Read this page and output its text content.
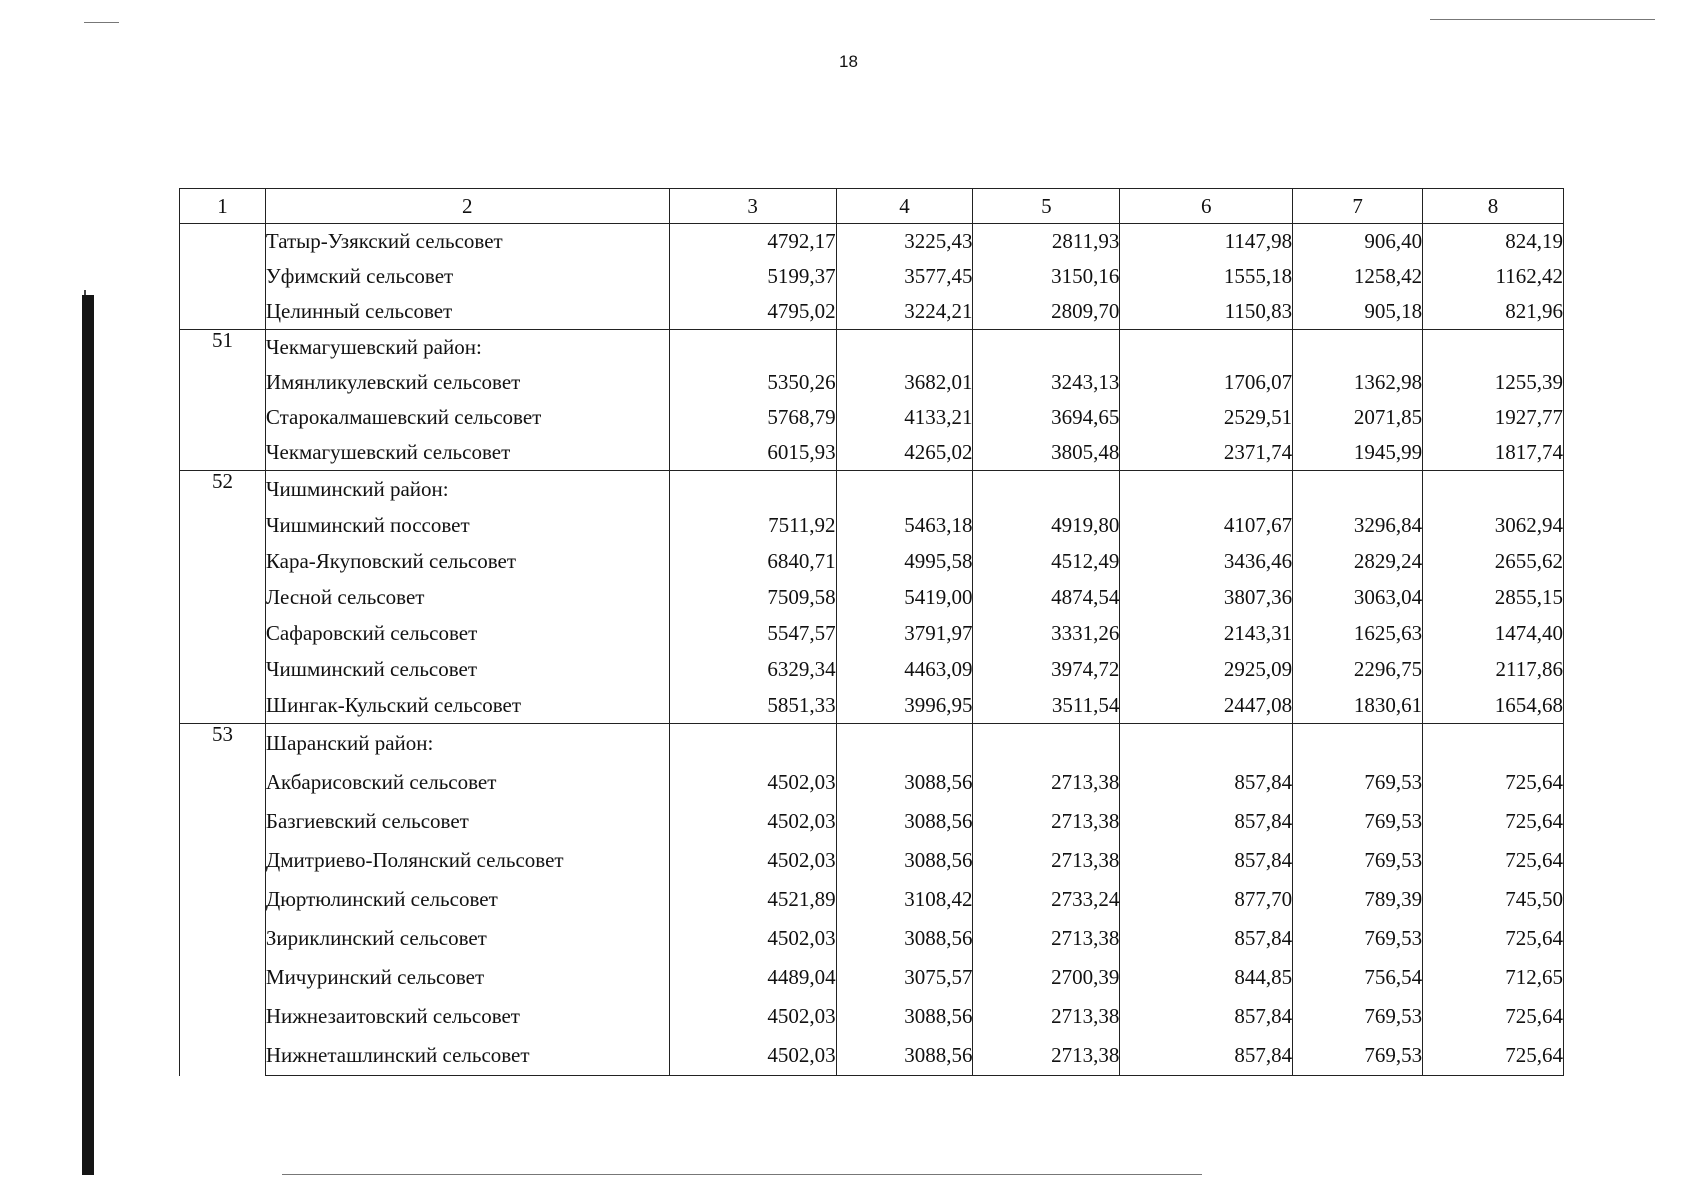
18
1	2	3	4	5	6	7	8
	Татыр-Узякский сельсовет	4792,17	3225,43	2811,93	1147,98	906,40	824,19
	Уфимский сельсовет	5199,37	3577,45	3150,16	1555,18	1258,42	1162,42
	Целинный сельсовет	4795,02	3224,21	2809,70	1150,83	905,18	821,96
51	Чекмагушевский район:						
	Имянликулевский сельсовет	5350,26	3682,01	3243,13	1706,07	1362,98	1255,39
	Старокалмашевский сельсовет	5768,79	4133,21	3694,65	2529,51	2071,85	1927,77
	Чекмагушевский сельсовет	6015,93	4265,02	3805,48	2371,74	1945,99	1817,74
52	Чишминский район:						
	Чишминский поссовет	7511,92	5463,18	4919,80	4107,67	3296,84	3062,94
	Кара-Якуповский сельсовет	6840,71	4995,58	4512,49	3436,46	2829,24	2655,62
	Лесной сельсовет	7509,58	5419,00	4874,54	3807,36	3063,04	2855,15
	Сафаровский сельсовет	5547,57	3791,97	3331,26	2143,31	1625,63	1474,40
	Чишминский сельсовет	6329,34	4463,09	3974,72	2925,09	2296,75	2117,86
	Шингак-Кульский сельсовет	5851,33	3996,95	3511,54	2447,08	1830,61	1654,68
53	Шаранский район:						
	Акбарисовский сельсовет	4502,03	3088,56	2713,38	857,84	769,53	725,64
	Базгиевский сельсовет	4502,03	3088,56	2713,38	857,84	769,53	725,64
	Дмитриево-Полянский сельсовет	4502,03	3088,56	2713,38	857,84	769,53	725,64
	Дюртюлинский сельсовет	4521,89	3108,42	2733,24	877,70	789,39	745,50
	Зириклинский сельсовет	4502,03	3088,56	2713,38	857,84	769,53	725,64
	Мичуринский сельсовет	4489,04	3075,57	2700,39	844,85	756,54	712,65
	Нижнезаитовский сельсовет	4502,03	3088,56	2713,38	857,84	769,53	725,64
	Нижнеташлинский сельсовет	4502,03	3088,56	2713,38	857,84	769,53	725,64
